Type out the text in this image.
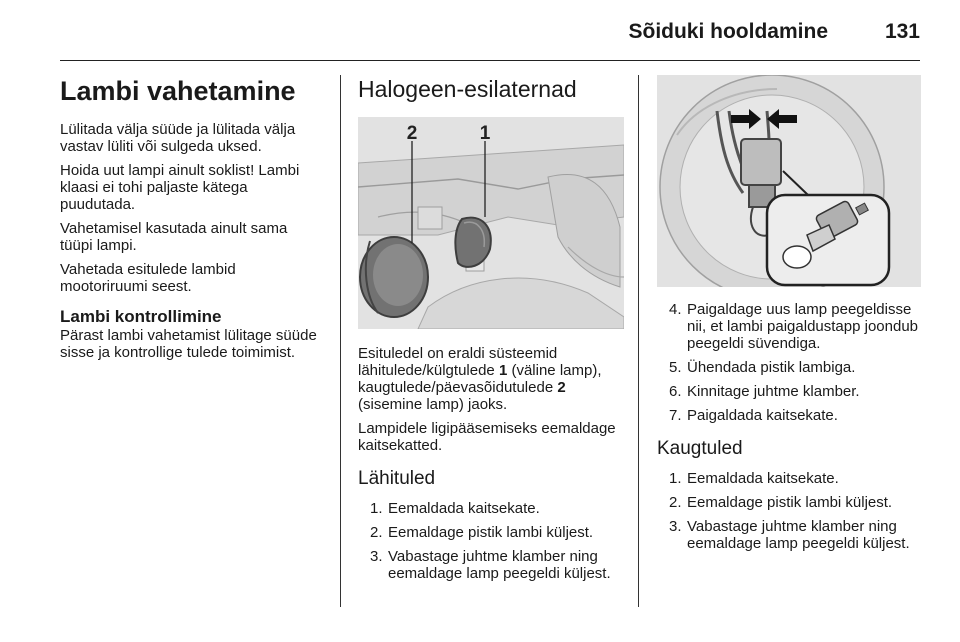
Sõiduki hooldamine	131
Lambi vahetamine

Lülitada välja süüde ja lülitada välja vastav lüliti või sulgeda uksed.

Hoida uut lampi ainult soklist! Lambi klaasi ei tohi paljaste kätega puudutada.

Vahetamisel kasutada ainult sama tüüpi lampi.

Vahetada esitulede lambid mootoriruumi seest.

Lambi kontrollimine

Pärast lambi vahetamist lülitage süüde sisse ja kontrollige tulede toimimist.

Halogeen-esilaternad
2	1

Esituledel on eraldi süsteemid lähitulede/külgtulede 1 (väline lamp), kaugtulede/päevasõidutulede 2 (sisemine lamp) jaoks.

Lampidele ligipääsemiseks eemaldage kaitsekatted.

Lähituled
1. Eemaldada kaitsekate.
2. Eemaldage pistik lambi küljest.
3. Vabastage juhtme klamber ning eemaldage lamp peegeldi küljest.
4. Paigaldage uus lamp peegeldisse nii, et lambi paigaldustapp joondub peegeldi süvendiga.
5. Ühendada pistik lambiga.
6. Kinnitage juhtme klamber.
7. Paigaldada kaitsekate.
Kaugtuled
1. Eemaldada kaitsekate.
2. Eemaldage pistik lambi küljest.
3. Vabastage juhtme klamber ning eemaldage lamp peegeldi küljest.
